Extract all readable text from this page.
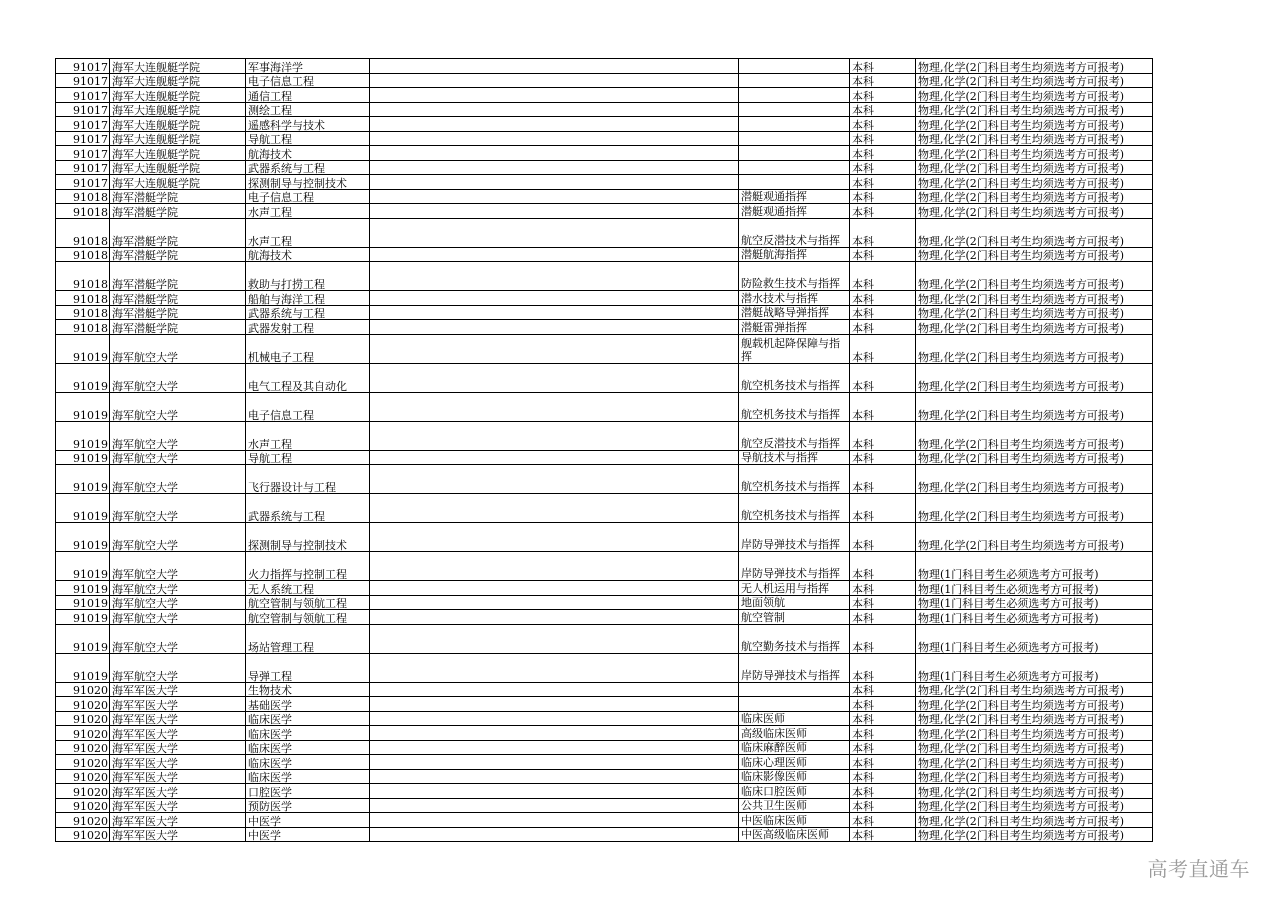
91017	海军大连舰艇学院	军事海洋学			本科	物理,化学(2门科目考生均须选考方可报考)
91017	海军大连舰艇学院	电子信息工程			本科	物理,化学(2门科目考生均须选考方可报考)
91017	海军大连舰艇学院	通信工程			本科	物理,化学(2门科目考生均须选考方可报考)
91017	海军大连舰艇学院	测绘工程			本科	物理,化学(2门科目考生均须选考方可报考)
91017	海军大连舰艇学院	遥感科学与技术			本科	物理,化学(2门科目考生均须选考方可报考)
91017	海军大连舰艇学院	导航工程			本科	物理,化学(2门科目考生均须选考方可报考)
91017	海军大连舰艇学院	航海技术			本科	物理,化学(2门科目考生均须选考方可报考)
91017	海军大连舰艇学院	武器系统与工程			本科	物理,化学(2门科目考生均须选考方可报考)
91017	海军大连舰艇学院	探测制导与控制技术			本科	物理,化学(2门科目考生均须选考方可报考)
91018	海军潜艇学院	电子信息工程		潜艇观通指挥	本科	物理,化学(2门科目考生均须选考方可报考)
91018	海军潜艇学院	水声工程		潜艇观通指挥	本科	物理,化学(2门科目考生均须选考方可报考)
91018	海军潜艇学院	水声工程		航空反潜技术与指挥	本科	物理,化学(2门科目考生均须选考方可报考)
91018	海军潜艇学院	航海技术		潜艇航海指挥	本科	物理,化学(2门科目考生均须选考方可报考)
91018	海军潜艇学院	救助与打捞工程		防险救生技术与指挥	本科	物理,化学(2门科目考生均须选考方可报考)
91018	海军潜艇学院	船舶与海洋工程		潜水技术与指挥	本科	物理,化学(2门科目考生均须选考方可报考)
91018	海军潜艇学院	武器系统与工程		潜艇战略导弹指挥	本科	物理,化学(2门科目考生均须选考方可报考)
91018	海军潜艇学院	武器发射工程		潜艇雷弹指挥	本科	物理,化学(2门科目考生均须选考方可报考)
91019	海军航空大学	机械电子工程		舰载机起降保障与指挥	本科	物理,化学(2门科目考生均须选考方可报考)
91019	海军航空大学	电气工程及其自动化		航空机务技术与指挥	本科	物理,化学(2门科目考生均须选考方可报考)
91019	海军航空大学	电子信息工程		航空机务技术与指挥	本科	物理,化学(2门科目考生均须选考方可报考)
91019	海军航空大学	水声工程		航空反潜技术与指挥	本科	物理,化学(2门科目考生均须选考方可报考)
91019	海军航空大学	导航工程		导航技术与指挥	本科	物理,化学(2门科目考生均须选考方可报考)
91019	海军航空大学	飞行器设计与工程		航空机务技术与指挥	本科	物理,化学(2门科目考生均须选考方可报考)
91019	海军航空大学	武器系统与工程		航空机务技术与指挥	本科	物理,化学(2门科目考生均须选考方可报考)
91019	海军航空大学	探测制导与控制技术		岸防导弹技术与指挥	本科	物理,化学(2门科目考生均须选考方可报考)
91019	海军航空大学	火力指挥与控制工程		岸防导弹技术与指挥	本科	物理(1门科目考生必须选考方可报考)
91019	海军航空大学	无人系统工程		无人机运用与指挥	本科	物理(1门科目考生必须选考方可报考)
91019	海军航空大学	航空管制与领航工程		地面领航	本科	物理(1门科目考生必须选考方可报考)
91019	海军航空大学	航空管制与领航工程		航空管制	本科	物理(1门科目考生必须选考方可报考)
91019	海军航空大学	场站管理工程		航空勤务技术与指挥	本科	物理(1门科目考生必须选考方可报考)
91019	海军航空大学	导弹工程		岸防导弹技术与指挥	本科	物理(1门科目考生必须选考方可报考)
91020	海军军医大学	生物技术			本科	物理,化学(2门科目考生均须选考方可报考)
91020	海军军医大学	基础医学			本科	物理,化学(2门科目考生均须选考方可报考)
91020	海军军医大学	临床医学		临床医师	本科	物理,化学(2门科目考生均须选考方可报考)
91020	海军军医大学	临床医学		高级临床医师	本科	物理,化学(2门科目考生均须选考方可报考)
91020	海军军医大学	临床医学		临床麻醉医师	本科	物理,化学(2门科目考生均须选考方可报考)
91020	海军军医大学	临床医学		临床心理医师	本科	物理,化学(2门科目考生均须选考方可报考)
91020	海军军医大学	临床医学		临床影像医师	本科	物理,化学(2门科目考生均须选考方可报考)
91020	海军军医大学	口腔医学		临床口腔医师	本科	物理,化学(2门科目考生均须选考方可报考)
91020	海军军医大学	预防医学		公共卫生医师	本科	物理,化学(2门科目考生均须选考方可报考)
91020	海军军医大学	中医学		中医临床医师	本科	物理,化学(2门科目考生均须选考方可报考)
91020	海军军医大学	中医学		中医高级临床医师	本科	物理,化学(2门科目考生均须选考方可报考)
高考直通车
